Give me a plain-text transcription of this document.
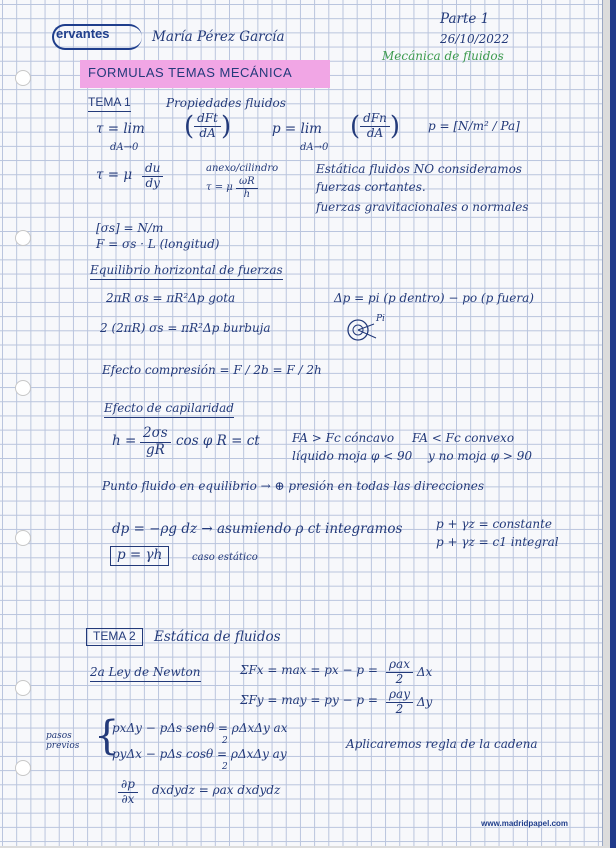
ervantes	María Pérez García
Parte 1
26/10/2022
Mecánica de fluidos
FORMULAS TEMAS MECÁNICA
TEMA 1	Propiedades fluidos
τ = lim
dA→0
( $\frac{\text{dFt}}{dA}$ )	p = lim
dA→0
( $\frac{\text{dFn}}{dA}$ ) p = [N/m² / Pa]
τ = μ $\frac{du}{dy}$	anexo/cilindro
τ = μ $\frac{\omega R}{h}$
Estática fluidos NO consideramos
fuerzas cortantes.
fuerzas gravitacionales o normales
[σs] = N/m
F = σs · L (longitud)
Equilibrio horizontal de fuerzas
2πR σs = πR²Δp gota
2 (2πR) σs = πR²Δp burbuja
Δp = pi (p dentro) − po (p fuera)
Pi
Efecto compresión = F / 2b = F / 2h
Efecto de capilaridad
$h = \frac{2\sigma s}{gR}$ cos φ R = ct	FA > Fc cóncavo FA < Fc convexo
líquido moja φ < 90 y no moja φ > 90
Punto fluido en equilibrio → ⊕ presión en todas las direcciones
dp = −ρg dz → asumiendo ρ ct integramos	p + γz = constante
p + γz = c1 integral
p = γh	caso estático
TEMA 2	Estática de fluidos
2a Ley de Newton	ΣFx = max = px − $p = \frac{\text{ρax}}{2}$ Δx
ΣFy = may = py − $p = \frac{\text{ρay}}{2}$ Δy
pasos previos {
pxΔy − pΔs senθ = ρΔxΔy ax
2
pyΔx − pΔs cosθ = ρΔxΔy ay
2
Aplicaremos regla de la cadena
$\frac{\partial p}{\partial x}$ dxdydz = ρax dxdydz
www.madridpapel.com
